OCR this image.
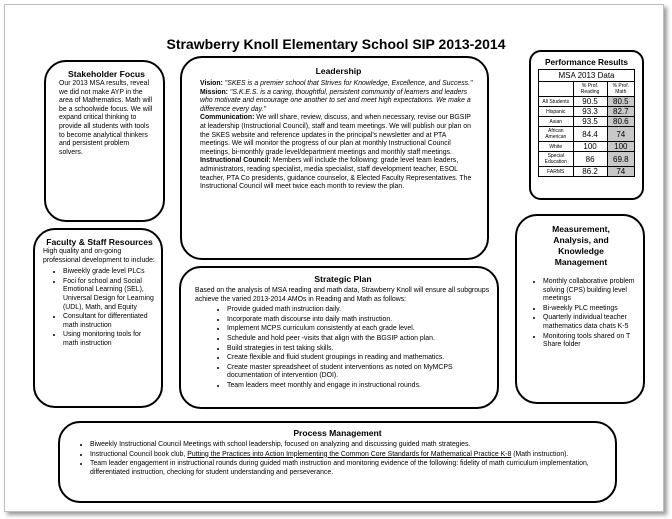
Strawberry Knoll Elementary School SIP 2013-2014
Stakeholder Focus
Our 2013 MSA results, reveal we did not make AYP in the area of Mathematics. Math will be a schoolwide focus. We will expand critical thinking to provide all students with tools to become analytical thinkers and persistent problem solvers.
Leadership
Vision: "SKES is a premier school that Strives for Knowledge, Excellence, and Success."
Mission: "S.K.E.S. is a caring, thoughtful, persistent community of learners and leaders who motivate and encourage one another to set and meet high expectations. We make a difference every day."
Communication: We will share, review, discuss, and when necessary, revise our BGSIP at leadership (Instructional Council), staff and team meetings. We will publish our plan on the SKES website and reference updates in the principal's newsletter and at PTA meetings. We will monitor the progress of our plan at monthly Instructional Council meetings, bi-monthly grade level/department meetings and monthly staff meetings.
Instructional Council: Members will include the following: grade level team leaders, administrators, reading specialist, media specialist, staff development teacher, ESOL teacher, PTA Co presidents, guidance counselor, & Elected Faculty Representatives. The Instructional Council will meet twice each month to review the plan.
Performance Results
MSA 2013 Data		
	% Prof. Reading	% Prof. Math
All Students	90.5	80.5
Hispanic	93.3	82.7
Asian	93.5	80.6
African American	84.4	74
White	100	100
Special Education	86	69.8
FARMS	86.2	74
Faculty & Staff Resources
High quality and on-going professional development to include:
• Biweekly grade level PLCs
• Foci for school and Social Emotional Learning (SEL), Universal Design for Learning (UDL), Math, and Equity
• Consultant for differentiated math instruction
• Using monitoring tools for math instruction
Strategic Plan
Based on the analysis of MSA reading and math data, Strawberry Knoll will ensure all subgroups achieve the varied 2013-2014 AMOs in Reading and Math as follows:
• Provide guided math instruction daily.
• Incorporate math discourse into daily math instruction.
• Implement MCPS curriculum consistently at each grade level.
• Schedule and hold peer -visits that align with the BGSIP action plan.
• Build strategies in test taking skills.
• Create flexible and fluid student groupings in reading and mathematics.
• Create master spreadsheet of student interventions as noted on MyMCPS documentation of intervention (DOI).
• Team leaders meet monthly and engage in instructional rounds.
Measurement, Analysis, and Knowledge Management
• Monthly collaborative problem solving (CPS) building level meetings
• Bi-weekly PLC meetings
• Quarterly individual teacher mathematics data chats K-5
• Monitoring tools shared on T Share folder
Process Management
• Biweekly Instructional Council Meetings with school leadership, focused on analyzing and discussing guided math strategies.
• Instructional Council book club, Putting the Practices into Action Implementing the Common Core Standards for Mathematical Practice K-8 (Math instruction).
• Team leader engagement in instructional rounds during guided math instruction and monitoring evidence of the following: fidelity of math curriculum implementation, differentiated instruction, checking for student understanding and perseverance.
